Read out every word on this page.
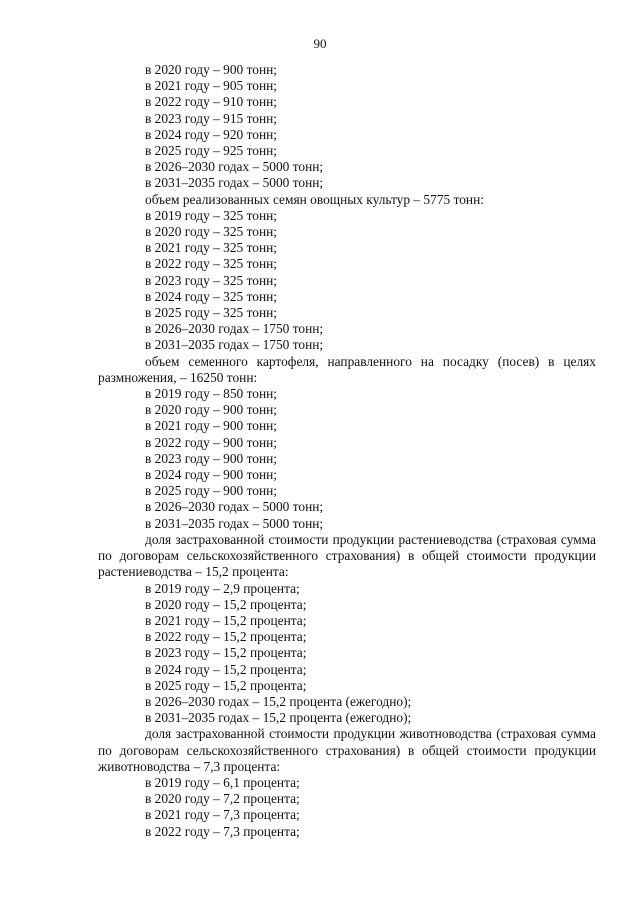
90
в 2020 году – 900 тонн;
в 2021 году – 905 тонн;
в 2022 году – 910 тонн;
в 2023 году – 915 тонн;
в 2024 году – 920 тонн;
в 2025 году – 925 тонн;
в 2026–2030 годах – 5000 тонн;
в 2031–2035 годах – 5000 тонн;
объем реализованных семян овощных культур – 5775 тонн:
в 2019 году – 325 тонн;
в 2020 году – 325 тонн;
в 2021 году – 325 тонн;
в 2022 году – 325 тонн;
в 2023 году – 325 тонн;
в 2024 году – 325 тонн;
в 2025 году – 325 тонн;
в 2026–2030 годах – 1750 тонн;
в 2031–2035 годах – 1750 тонн;
объем семенного картофеля, направленного на посадку (посев) в целях размножения, – 16250 тонн:
в 2019 году – 850 тонн;
в 2020 году – 900 тонн;
в 2021 году – 900 тонн;
в 2022 году – 900 тонн;
в 2023 году – 900 тонн;
в 2024 году – 900 тонн;
в 2025 году – 900 тонн;
в 2026–2030 годах – 5000 тонн;
в 2031–2035 годах – 5000 тонн;
доля застрахованной стоимости продукции растениеводства (страховая сумма по договорам сельскохозяйственного страхования) в общей стоимости продукции растениеводства – 15,2 процента:
в 2019 году – 2,9 процента;
в 2020 году – 15,2 процента;
в 2021 году – 15,2 процента;
в 2022 году – 15,2 процента;
в 2023 году – 15,2 процента;
в 2024 году – 15,2 процента;
в 2025 году – 15,2 процента;
в 2026–2030 годах – 15,2 процента (ежегодно);
в 2031–2035 годах – 15,2 процента (ежегодно);
доля застрахованной стоимости продукции животноводства (страховая сумма по договорам сельскохозяйственного страхования) в общей стоимости продукции животноводства – 7,3 процента:
в 2019 году – 6,1 процента;
в 2020 году – 7,2 процента;
в 2021 году – 7,3 процента;
в 2022 году – 7,3 процента;
